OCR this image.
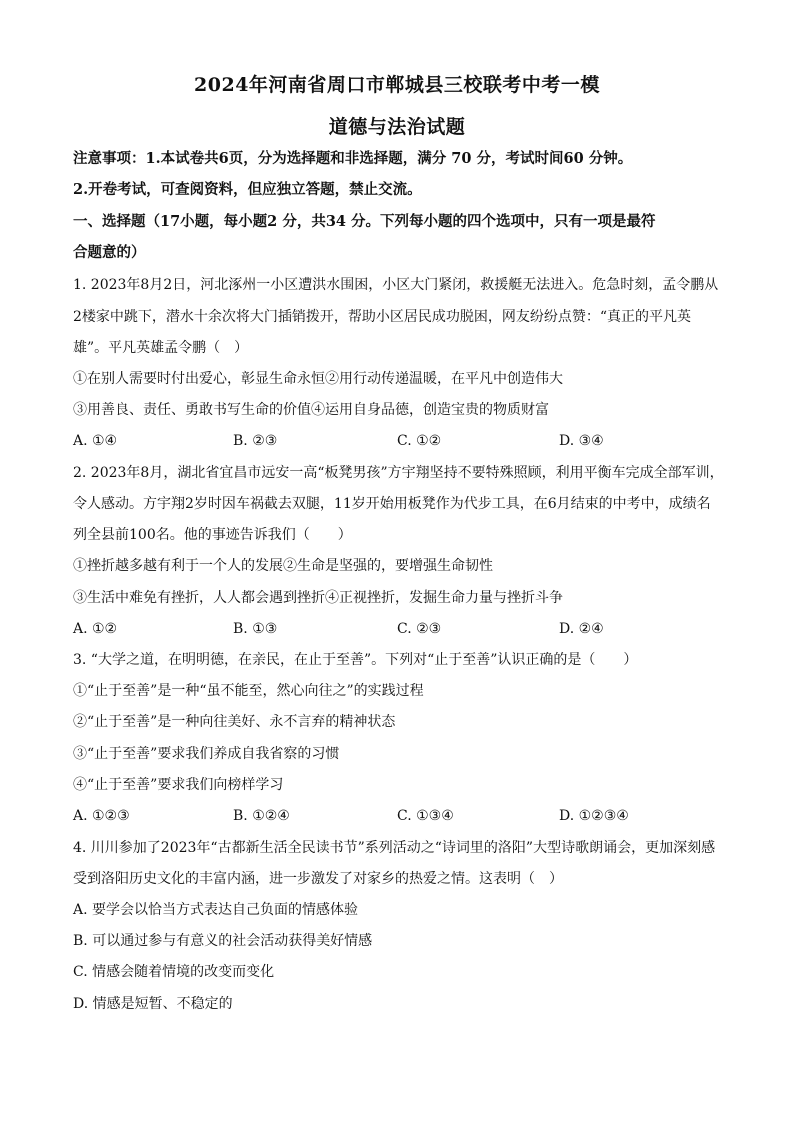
2024年河南省周口市郸城县三校联考中考一模
道德与法治试题
注意事项：1.本试卷共6页，分为选择题和非选择题，满分 70 分，考试时间60 分钟。
2.开卷考试，可查阅资料，但应独立答题，禁止交流。
一、选择题（17小题，每小题2 分，共34 分。下列每小题的四个选项中，只有一项是最符
合题意的）
1. 2023年8月2日，河北涿州一小区遭洪水围困，小区大门紧闭，救援艇无法进入。危急时刻，孟令鹏从
2楼家中跳下，潜水十余次将大门插销拨开，帮助小区居民成功脱困，网友纷纷点赞：“真正的平凡英
雄”。平凡英雄孟令鹏（　）
①在别人需要时付出爱心，彰显生命永恒②用行动传递温暖，在平凡中创造伟大
③用善良、责任、勇敢书写生命的价值④运用自身品德，创造宝贵的物质财富
A. ①④	B. ②③	C. ①②	D. ③④
2. 2023年8月，湖北省宜昌市远安一高“板凳男孩”方宇翔坚持不要特殊照顾，利用平衡车完成全部军训，
令人感动。方宇翔2岁时因车祸截去双腿，11岁开始用板凳作为代步工具，在6月结束的中考中，成绩名
列全县前100名。他的事迹告诉我们（　　）
①挫折越多越有利于一个人的发展②生命是坚强的，要增强生命韧性
③生活中难免有挫折，人人都会遇到挫折④正视挫折，发掘生命力量与挫折斗争
A. ①②	B. ①③	C. ②③	D. ②④
3. “大学之道，在明明德，在亲民，在止于至善”。下列对“止于至善”认识正确的是（　　）
①“止于至善”是一种“虽不能至，然心向往之”的实践过程
②“止于至善”是一种向往美好、永不言弃的精神状态
③“止于至善”要求我们养成自我省察的习惯
④“止于至善”要求我们向榜样学习
A. ①②③	B. ①②④	C. ①③④	D. ①②③④
4. 川川参加了2023年“古都新生活全民读书节”系列活动之“诗词里的洛阳”大型诗歌朗诵会，更加深刻感
受到洛阳历史文化的丰富内涵，进一步激发了对家乡的热爱之情。这表明（　）
A. 要学会以恰当方式表达自己负面的情感体验
B. 可以通过参与有意义的社会活动获得美好情感
C. 情感会随着情境的改变而变化
D. 情感是短暂、不稳定的
